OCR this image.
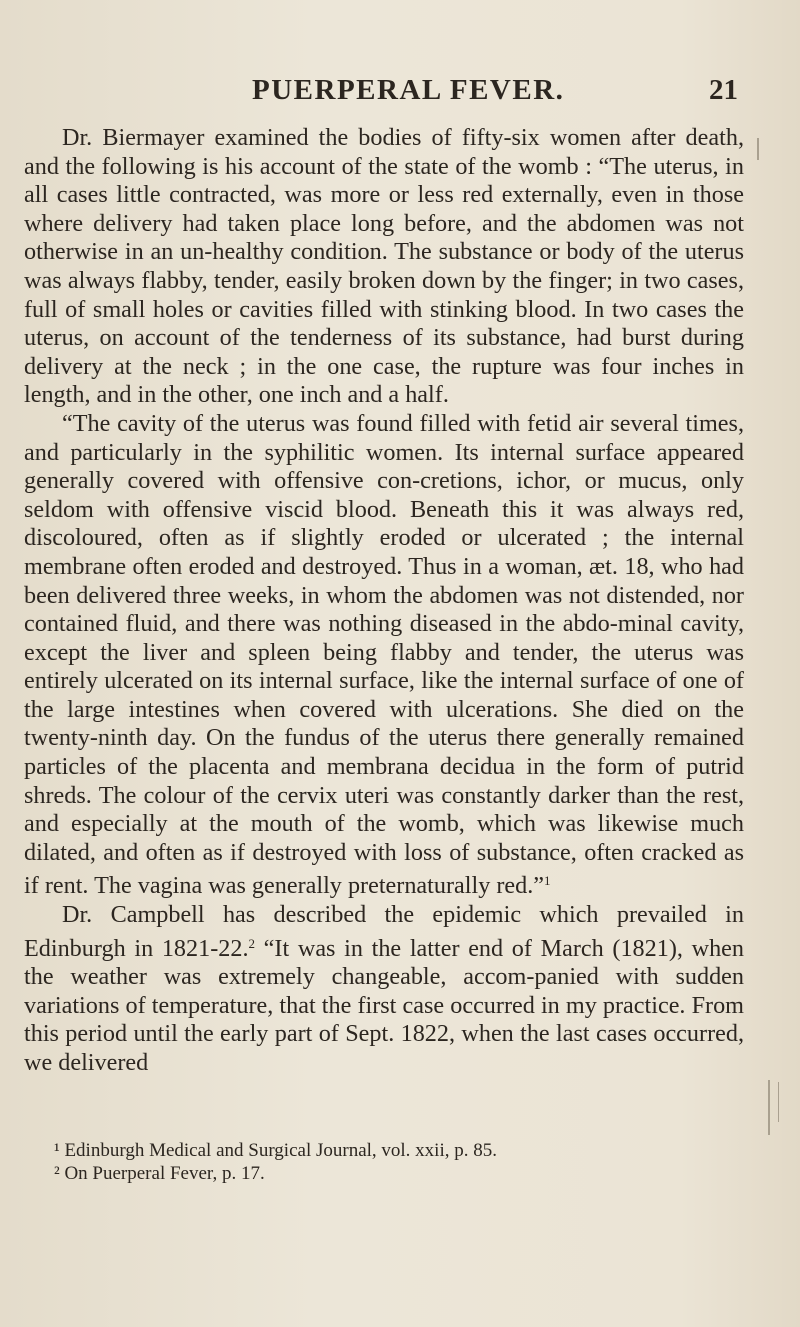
PUERPERAL FEVER.	21

Dr. Biermayer examined the bodies of fifty-six women after death, and the following is his account of the state of the womb : “The uterus, in all cases little contracted, was more or less red externally, even in those where delivery had taken place long before, and the abdomen was not otherwise in an un-healthy condition. The substance or body of the uterus was always flabby, tender, easily broken down by the finger; in two cases, full of small holes or cavities filled with stinking blood. In two cases the uterus, on account of the tenderness of its substance, had burst during delivery at the neck ; in the one case, the rupture was four inches in length, and in the other, one inch and a half.

“The cavity of the uterus was found filled with fetid air several times, and particularly in the syphilitic women. Its internal surface appeared generally covered with offensive con-cretions, ichor, or mucus, only seldom with offensive viscid blood. Beneath this it was always red, discoloured, often as if slightly eroded or ulcerated ; the internal membrane often eroded and destroyed. Thus in a woman, æt. 18, who had been delivered three weeks, in whom the abdomen was not distended, nor contained fluid, and there was nothing diseased in the abdo-minal cavity, except the liver and spleen being flabby and tender, the uterus was entirely ulcerated on its internal surface, like the internal surface of one of the large intestines when covered with ulcerations. She died on the twenty-ninth day. On the fundus of the uterus there generally remained particles of the placenta and membrana decidua in the form of putrid shreds. The colour of the cervix uteri was constantly darker than the rest, and especially at the mouth of the womb, which was likewise much dilated, and often as if destroyed with loss of substance, often cracked as if rent. The vagina was generally preternaturally red.”$^1$

Dr. Campbell has described the epidemic which prevailed in Edinburgh in 1821-22.$^2$ “It was in the latter end of March (1821), when the weather was extremely changeable, accom-panied with sudden variations of temperature, that the first case occurred in my practice. From this period until the early part of Sept. 1822, when the last cases occurred, we delivered

¹ Edinburgh Medical and Surgical Journal, vol. xxii, p. 85.

² On Puerperal Fever, p. 17.
